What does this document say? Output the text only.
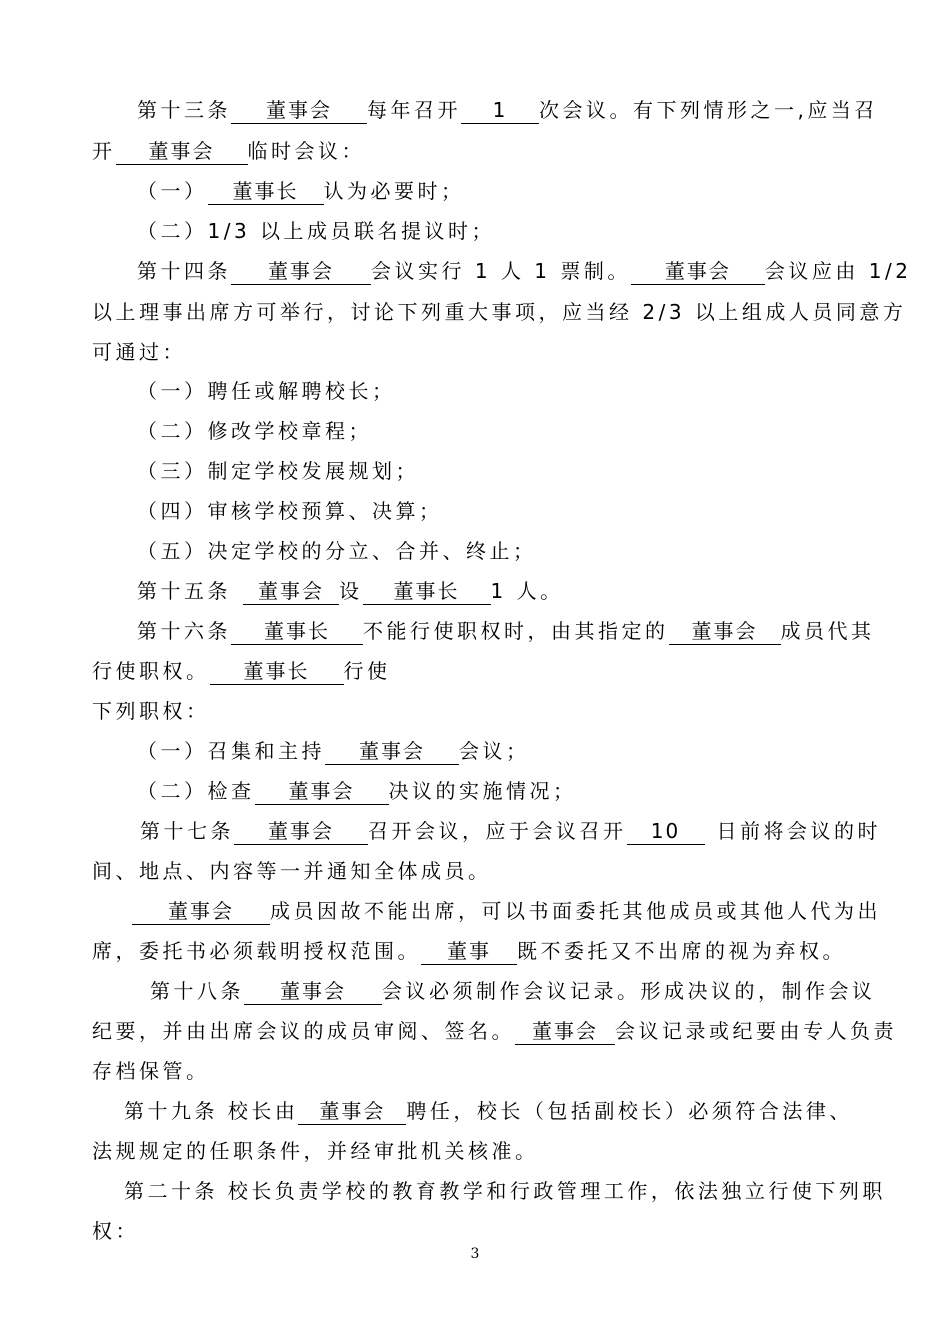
第十三条 董事会 每年召开 1 次会议。有下列情形之一,应当召
开 董事会 临时会议：
（一） 董事长 认为必要时；
（二）1/3 以上成员联名提议时；
第十四条 董事会 会议实行 1 人 1 票制。 董事会 会议应由 1/2
以上理事出席方可举行，讨论下列重大事项，应当经 2/3 以上组成人员同意方
可通过：
（一）聘任或解聘校长；
（二）修改学校章程；
（三）制定学校发展规划；
（四）审核学校预算、决算；
（五）决定学校的分立、合并、终止；
第十五条 董事会 设 董事长 1 人。
第十六条 董事长 不能行使职权时，由其指定的 董事会 成员代其
行使职权。 董事长 行使
下列职权：
（一）召集和主持 董事会 会议；
（二）检查 董事会 决议的实施情况；
第十七条 董事会 召开会议，应于会议召开 10 日前将会议的时
间、地点、内容等一并通知全体成员。
董事会 成员因故不能出席，可以书面委托其他成员或其他人代为出
席，委托书必须载明授权范围。 董事 既不委托又不出席的视为弃权。
第十八条 董事会 会议必须制作会议记录。形成决议的，制作会议
纪要，并由出席会议的成员审阅、签名。 董事会 会议记录或纪要由专人负责
存档保管。
第十九条 校长由 董事会 聘任，校长（包括副校长）必须符合法律、
法规规定的任职条件，并经审批机关核准。
第二十条 校长负责学校的教育教学和行政管理工作，依法独立行使下列职
权：
3
